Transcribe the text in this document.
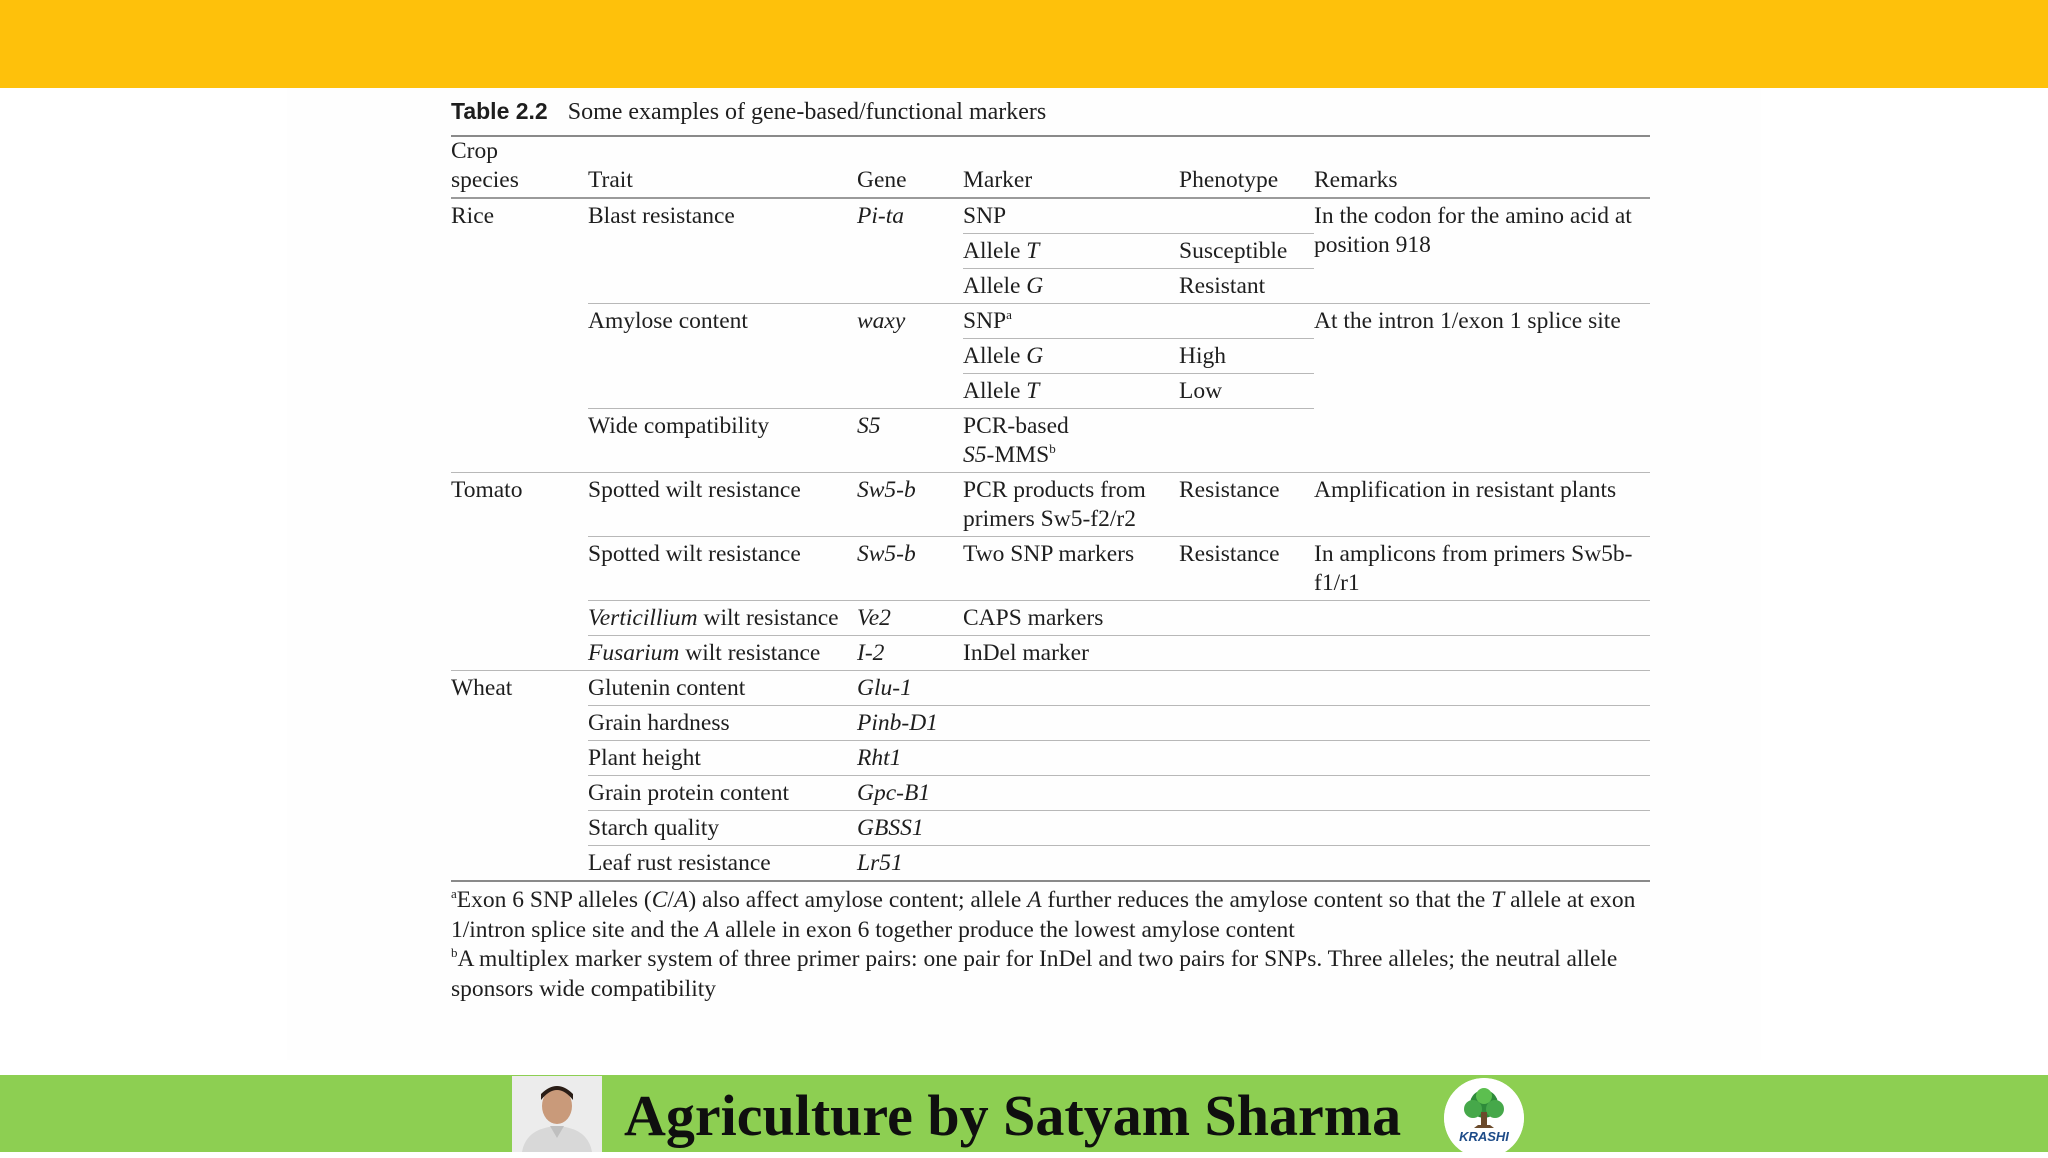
Table 2.2 Some examples of gene-based/functional markers
Crop
species	Trait	Gene	Marker	Phenotype	Remarks	
Rice	Blast resistance	Pi-ta	SNP		In the codon for the amino acid at position 918	
			Allele T	Susceptible		
			Allele G	Resistant		
	Amylose content	waxy	SNP$^a$		At the intron 1/exon 1 splice site	
			Allele G	High		
			Allele T	Low		
	Wide compatibility	S5	PCR-based
S5-MMS$^b$

Tomato	Spotted wilt resistance	Sw5-b	PCR products from primers Sw5-f2/r2	Resistance	Amplification in resistant plants	
	Spotted wilt resistance	Sw5-b	Two SNP markers	Resistance	In amplicons from primers Sw5b-f1/r1	
	Verticillium wilt resistance	Ve2	CAPS markers			
	Fusarium wilt resistance	I-2	InDel marker			
Wheat	Glutenin content	Glu-1				
	Grain hardness	Pinb-D1				
	Plant height	Rht1				
	Grain protein content	Gpc-B1				
	Starch quality	GBSS1				
	Leaf rust resistance	Lr51				

$^a$Exon 6 SNP alleles (C/A) also affect amylose content; allele A further reduces the amylose content so that the T allele at exon 1/intron splice site and the A allele in exon 6 together produce the lowest amylose content

$^b$A multiplex marker system of three primer pairs: one pair for InDel and two pairs for SNPs. Three alleles; the neutral allele sponsors wide compatibility

Agriculture by Satyam Sharma	KRASHI
